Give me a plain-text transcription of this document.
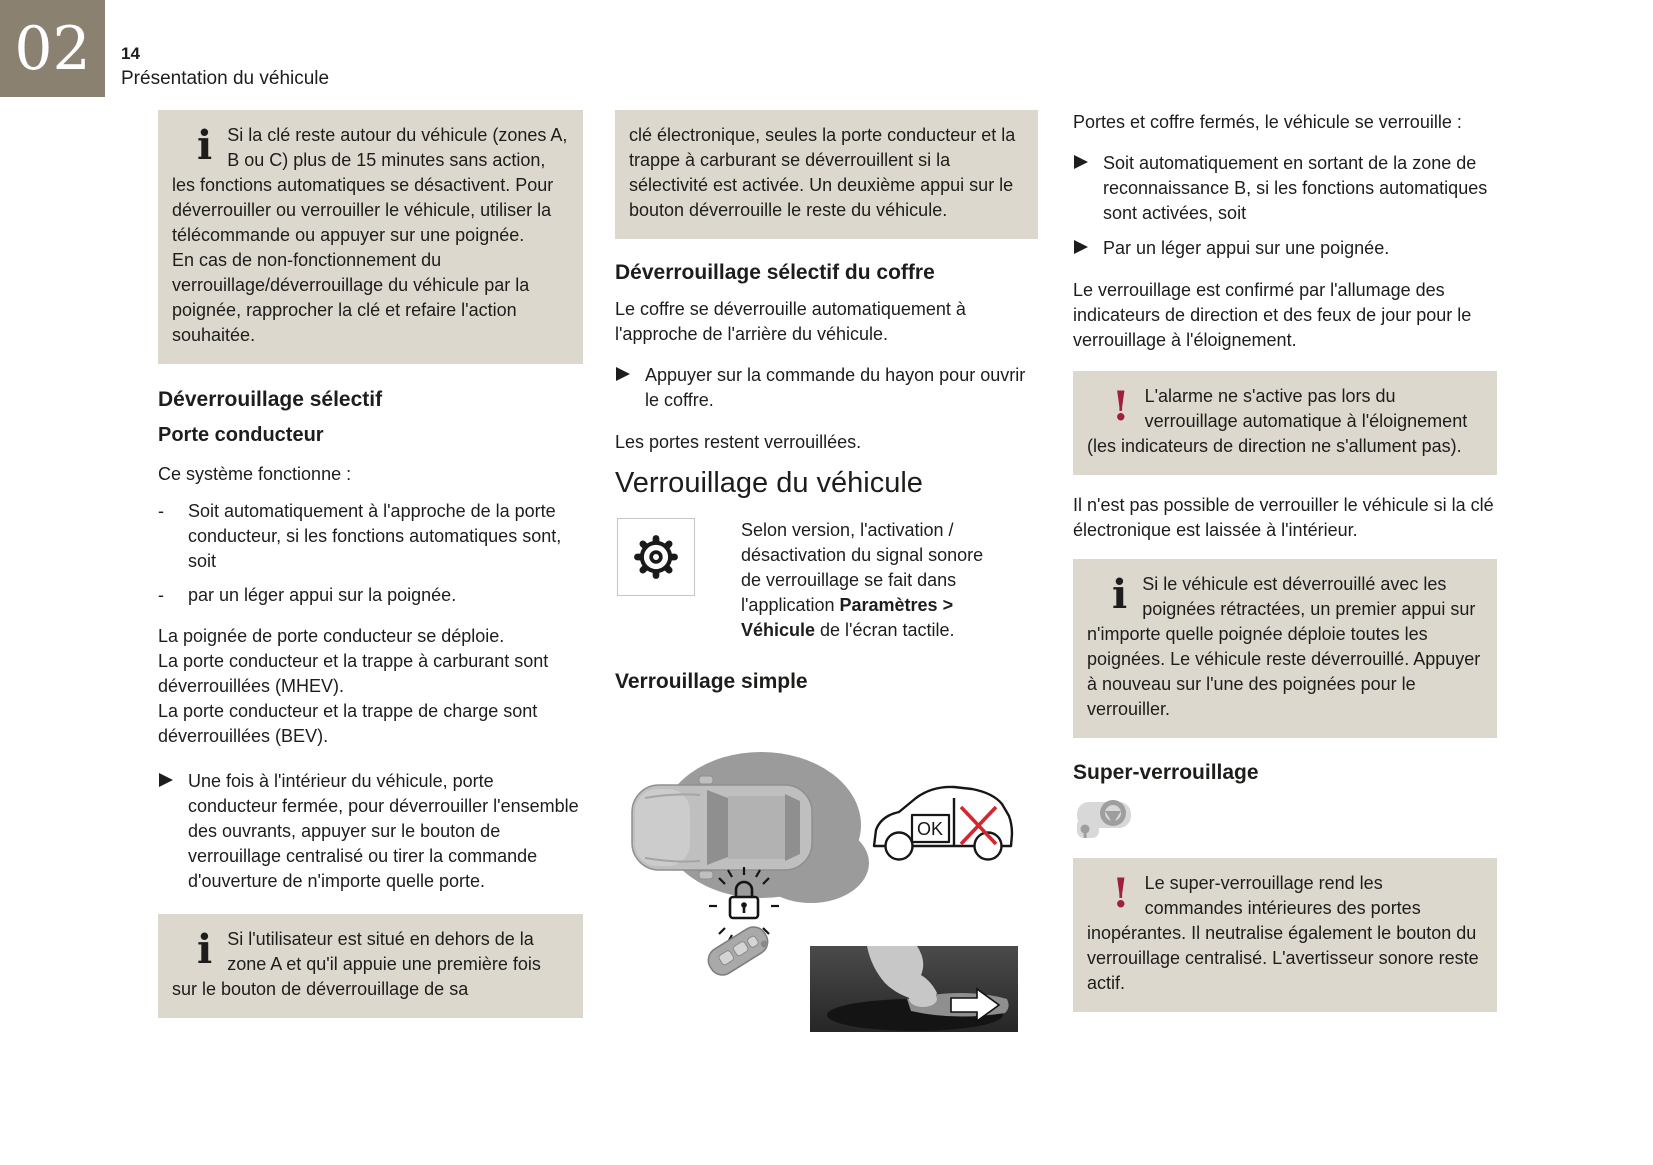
02 14
Présentation du véhicule
i Si la clé reste autour du véhicule (zones A, B ou C) plus de 15 minutes sans action, les fonctions automatiques se désactivent. Pour déverrouiller ou verrouiller le véhicule, utiliser la télécommande ou appuyer sur une poignée.

En cas de non-fonctionnement du verrouillage/déverrouillage du véhicule par la poignée, rapprocher la clé et refaire l'action souhaitée.

Déverrouillage sélectif
Porte conducteur

Ce système fonctionne :

-	Soit automatiquement à l'approche de la porte conducteur, si les fonctions automatiques sont, soit
-	par un léger appui sur la poignée.
La poignée de porte conducteur se déploie.
La porte conducteur et la trappe à carburant sont déverrouillées (MHEV).
La porte conducteur et la trappe de charge sont déverrouillées (BEV).
Une fois à l'intérieur du véhicule, porte conducteur fermée, pour déverrouiller l'ensemble des ouvrants, appuyer sur le bouton de verrouillage centralisé ou tirer la commande d'ouverture de n'importe quelle porte.
i Si l'utilisateur est situé en dehors de la zone A et qu'il appuie une première fois sur le bouton de déverrouillage de sa

clé électronique, seules la porte conducteur et la trappe à carburant se déverrouillent si la sélectivité est activée. Un deuxième appui sur le bouton déverrouille le reste du véhicule.

Déverrouillage sélectif du coffre

Le coffre se déverrouille automatiquement à l'approche de l'arrière du véhicule.

Appuyer sur la commande du hayon pour ouvrir le coffre.

Les portes restent verrouillées.

Verrouillage du véhicule
Selon version, l'activation / désactivation du signal sonore de verrouillage se fait dans l'application Paramètres > Véhicule de l'écran tactile.
Verrouillage simple
OK

Portes et coffre fermés, le véhicule se verrouille :

Soit automatiquement en sortant de la zone de reconnaissance B, si les fonctions automatiques sont activées, soit
Par un léger appui sur une poignée.

Le verrouillage est confirmé par l'allumage des indicateurs de direction et des feux de jour pour le verrouillage à l'éloignement.

! L'alarme ne s'active pas lors du verrouillage automatique à l'éloignement (les indicateurs de direction ne s'allument pas).

Il n'est pas possible de verrouiller le véhicule si la clé électronique est laissée à l'intérieur.

i Si le véhicule est déverrouillé avec les poignées rétractées, un premier appui sur n'importe quelle poignée déploie toutes les poignées. Le véhicule reste déverrouillé. Appuyer à nouveau sur l'une des poignées pour le verrouiller.

Super-verrouillage
! Le super-verrouillage rend les commandes intérieures des portes inopérantes. Il neutralise également le bouton du verrouillage centralisé. L'avertisseur sonore reste actif.
